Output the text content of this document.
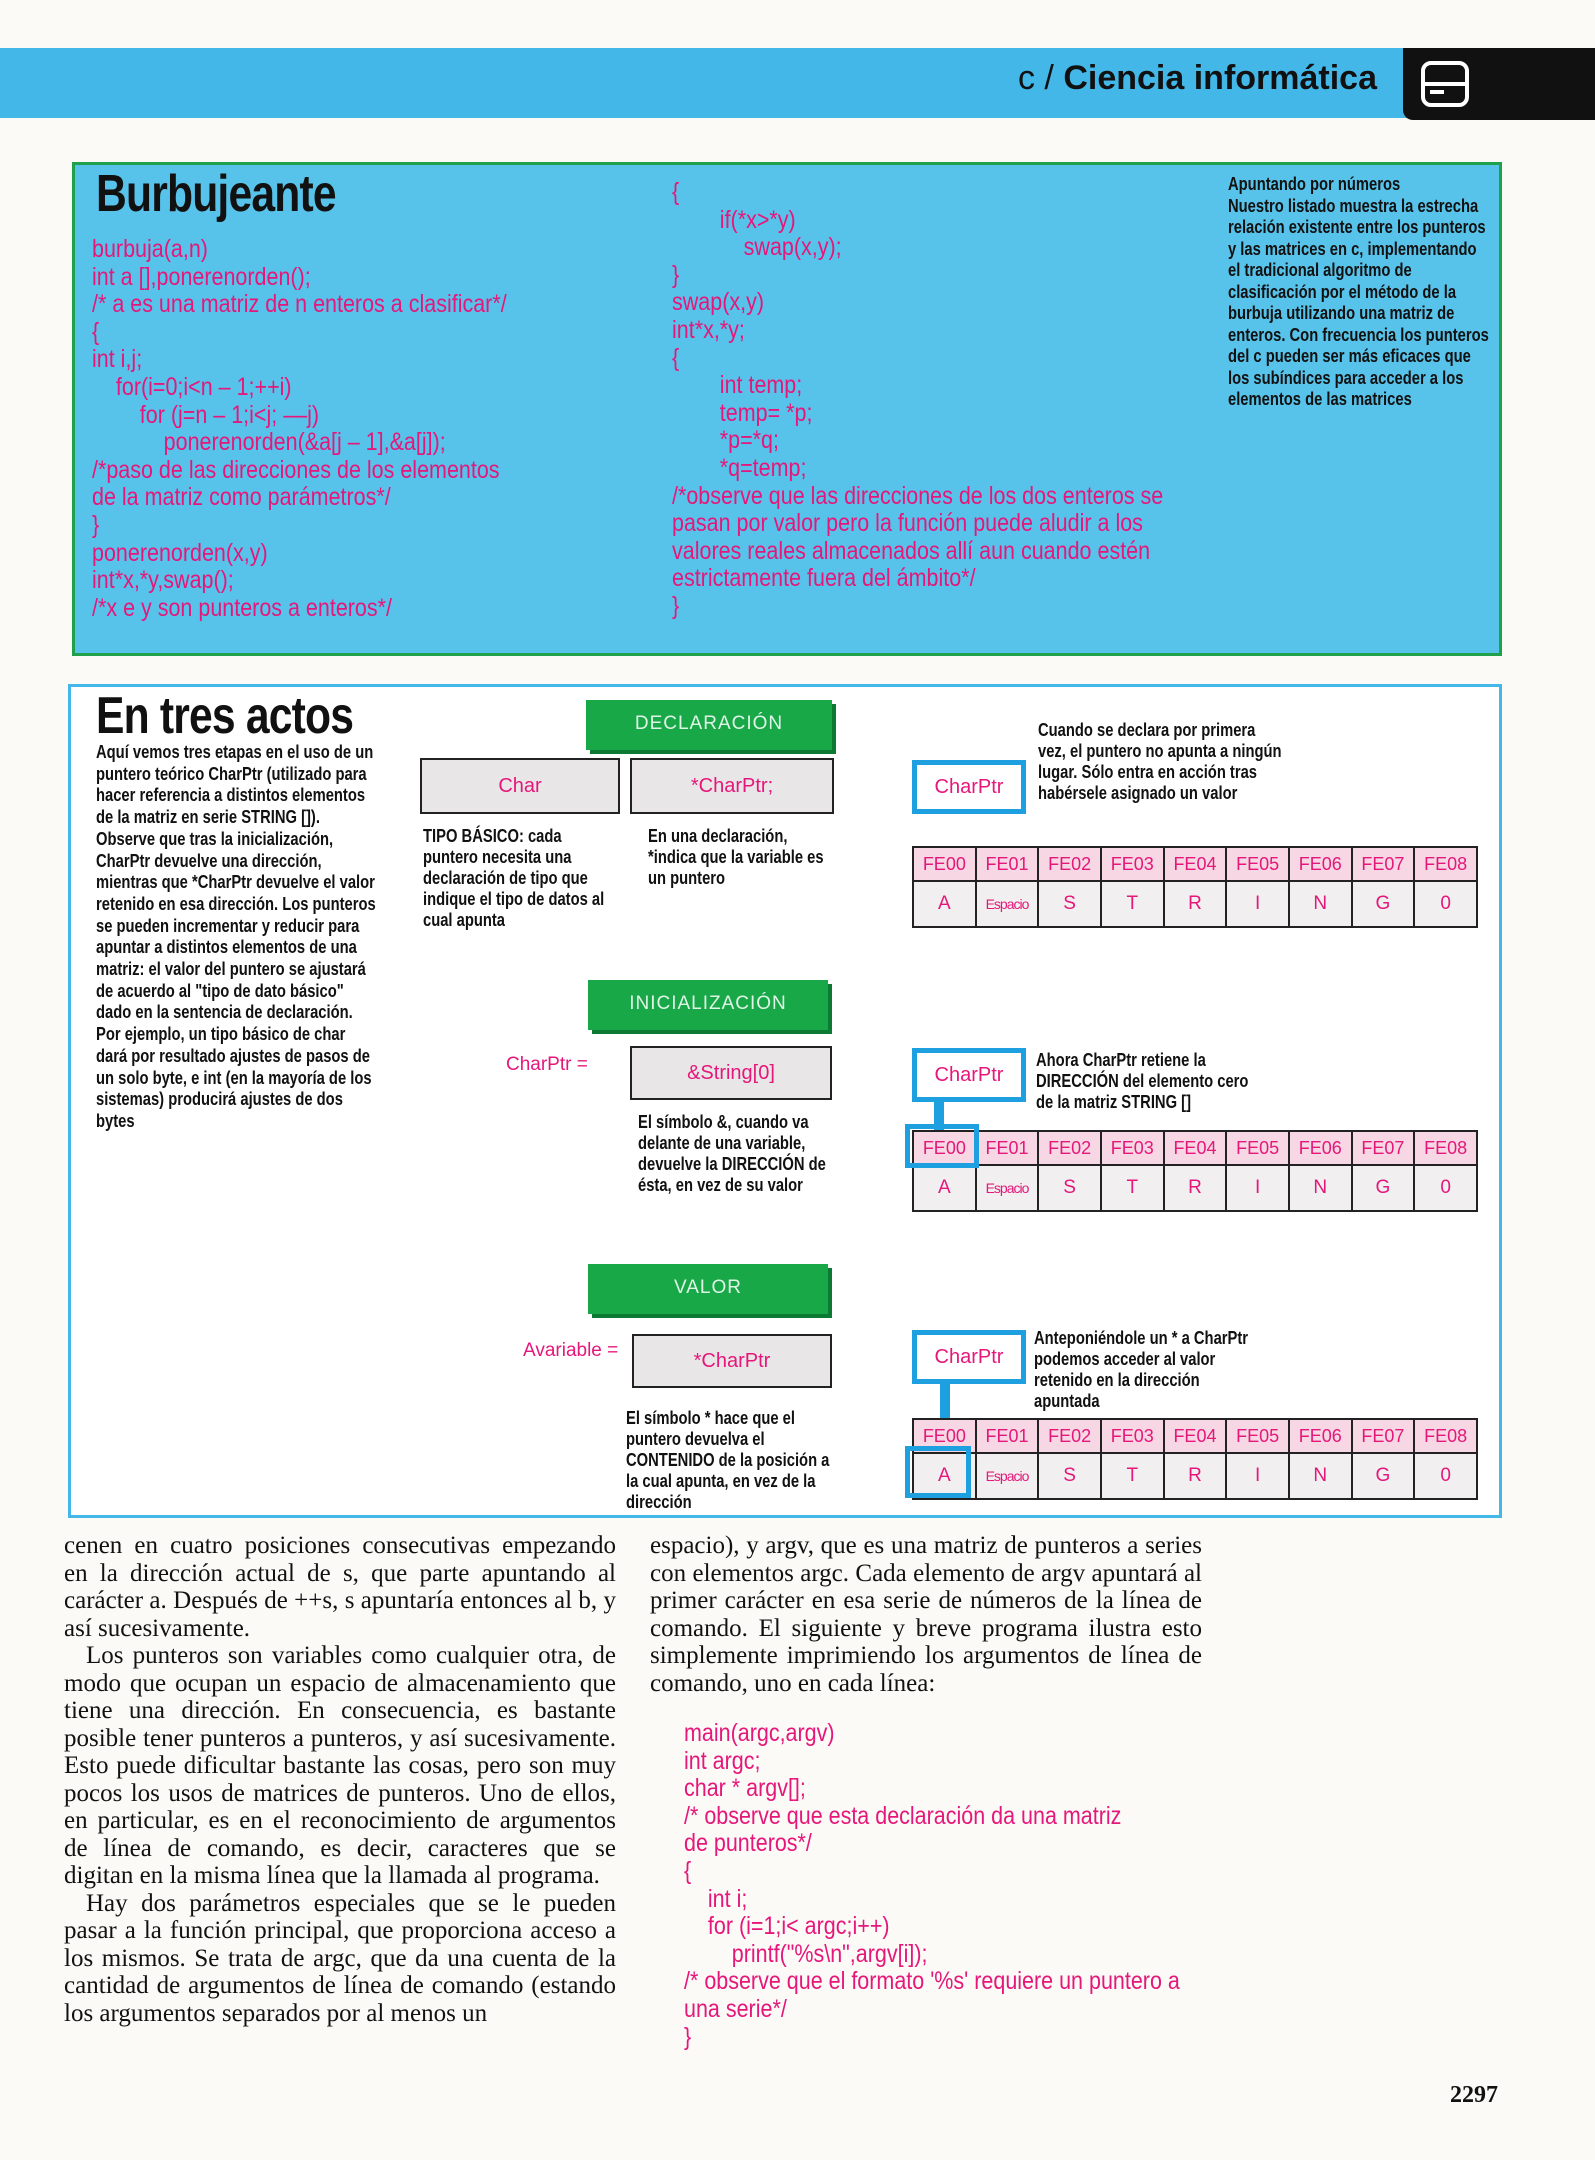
c / Ciencia informática
Burbujeante
burbuja(a,n)
int a [],ponerenorden();
/* a es una matriz de n enteros a clasificar*/
{
int i,j;
for(i=0;i<n – 1;++i)
for (j=n – 1;i<j; ––j)
ponerenorden(&a[j – 1],&a[j]);
/*paso de las direcciones de los elementos
de la matriz como parámetros*/
}
ponerenorden(x,y)
int*x,*y,swap();
/*x e y son punteros a enteros*/
{
if(*x>*y)
swap(x,y);
}
swap(x,y)
int*x,*y;
{
int temp;
temp= *p;
*p=*q;
*q=temp;
/*observe que las direcciones de los dos enteros se
pasan por valor pero la función puede aludir a los
valores reales almacenados allí aun cuando estén
estrictamente fuera del ámbito*/
}
Apuntando por números
Nuestro listado muestra la estrecha relación existente entre los punteros y las matrices en c, implementando el tradicional algoritmo de clasificación por el método de la burbuja utilizando una matriz de enteros. Con frecuencia los punteros del c pueden ser más eficaces que los subíndices para acceder a los elementos de las matrices
En tres actos
Aquí vemos tres etapas en el uso de un puntero teórico CharPtr (utilizado para hacer referencia a distintos elementos de la matriz en serie STRING []). Observe que tras la inicialización, CharPtr devuelve una dirección, mientras que *CharPtr devuelve el valor retenido en esa dirección. Los punteros se pueden incrementar y reducir para apuntar a distintos elementos de una matriz: el valor del puntero se ajustará de acuerdo al "tipo de dato básico" dado en la sentencia de declaración. Por ejemplo, un tipo básico de char dará por resultado ajustes de pasos de un solo byte, e int (en la mayoría de los sistemas) producirá ajustes de dos bytes
DECLARACIÓN
Char	*CharPtr;
TIPO BÁSICO: cada puntero necesita una declaración de tipo que indique el tipo de datos al cual apunta
En una declaración, *indica que la variable es un puntero
CharPtr
Cuando se declara por primera vez, el puntero no apunta a ningún lugar. Sólo entra en acción tras habérsele asignado un valor
FE00	FE01	FE02	FE03	FE04	FE05	FE06	FE07	FE08
A	Espacio	S	T	R	I	N	G	0
INICIALIZACIÓN
CharPtr =	&String[0]
El símbolo &, cuando va delante de una variable, devuelve la DIRECCIÓN de ésta, en vez de su valor
CharPtr
Ahora CharPtr retiene la DIRECCIÓN del elemento cero de la matriz STRING []
FE00	FE01	FE02	FE03	FE04	FE05	FE06	FE07	FE08
A	Espacio	S	T	R	I	N	G	0
VALOR
Avariable =	*CharPtr
El símbolo * hace que el puntero devuelva el CONTENIDO de la posición a la cual apunta, en vez de la dirección
CharPtr
Anteponiéndole un * a CharPtr podemos acceder al valor retenido en la dirección apuntada
FE00	FE01	FE02	FE03	FE04	FE05	FE06	FE07	FE08
A	Espacio	S	T	R	I	N	G	0

cenen en cuatro posiciones consecutivas empezando en la dirección actual de s, que parte apuntando al carácter a. Después de ++s, s apuntaría entonces al b, y así sucesivamente.

Los punteros son variables como cualquier otra, de modo que ocupan un espacio de almacenamiento que tiene una dirección. En consecuencia, es bastante posible tener punteros a punteros, y así sucesivamente. Esto puede dificultar bastante las cosas, pero son muy pocos los usos de matrices de punteros. Uno de ellos, en particular, es en el reconocimiento de argumentos de línea de comando, es decir, caracteres que se digitan en la misma línea que la llamada al programa.

Hay dos parámetros especiales que se le pueden pasar a la función principal, que proporciona acceso a los mismos. Se trata de argc, que da una cuenta de la cantidad de argumentos de línea de comando (estando los argumentos separados por al menos un

espacio), y argv, que es una matriz de punteros a series con elementos argc. Cada elemento de argv apuntará al primer carácter en esa serie de números de la línea de comando. El siguiente y breve programa ilustra esto simplemente imprimiendo los argumentos de línea de comando, uno en cada línea:

main(argc,argv)
int argc;
char * argv[];
/* observe que esta declaración da una matriz
de punteros*/
{
int i;
for (i=1;i< argc;i++)
printf("%s\n",argv[i]);
/* observe que el formato '%s' requiere un puntero a
una serie*/
}
2297
